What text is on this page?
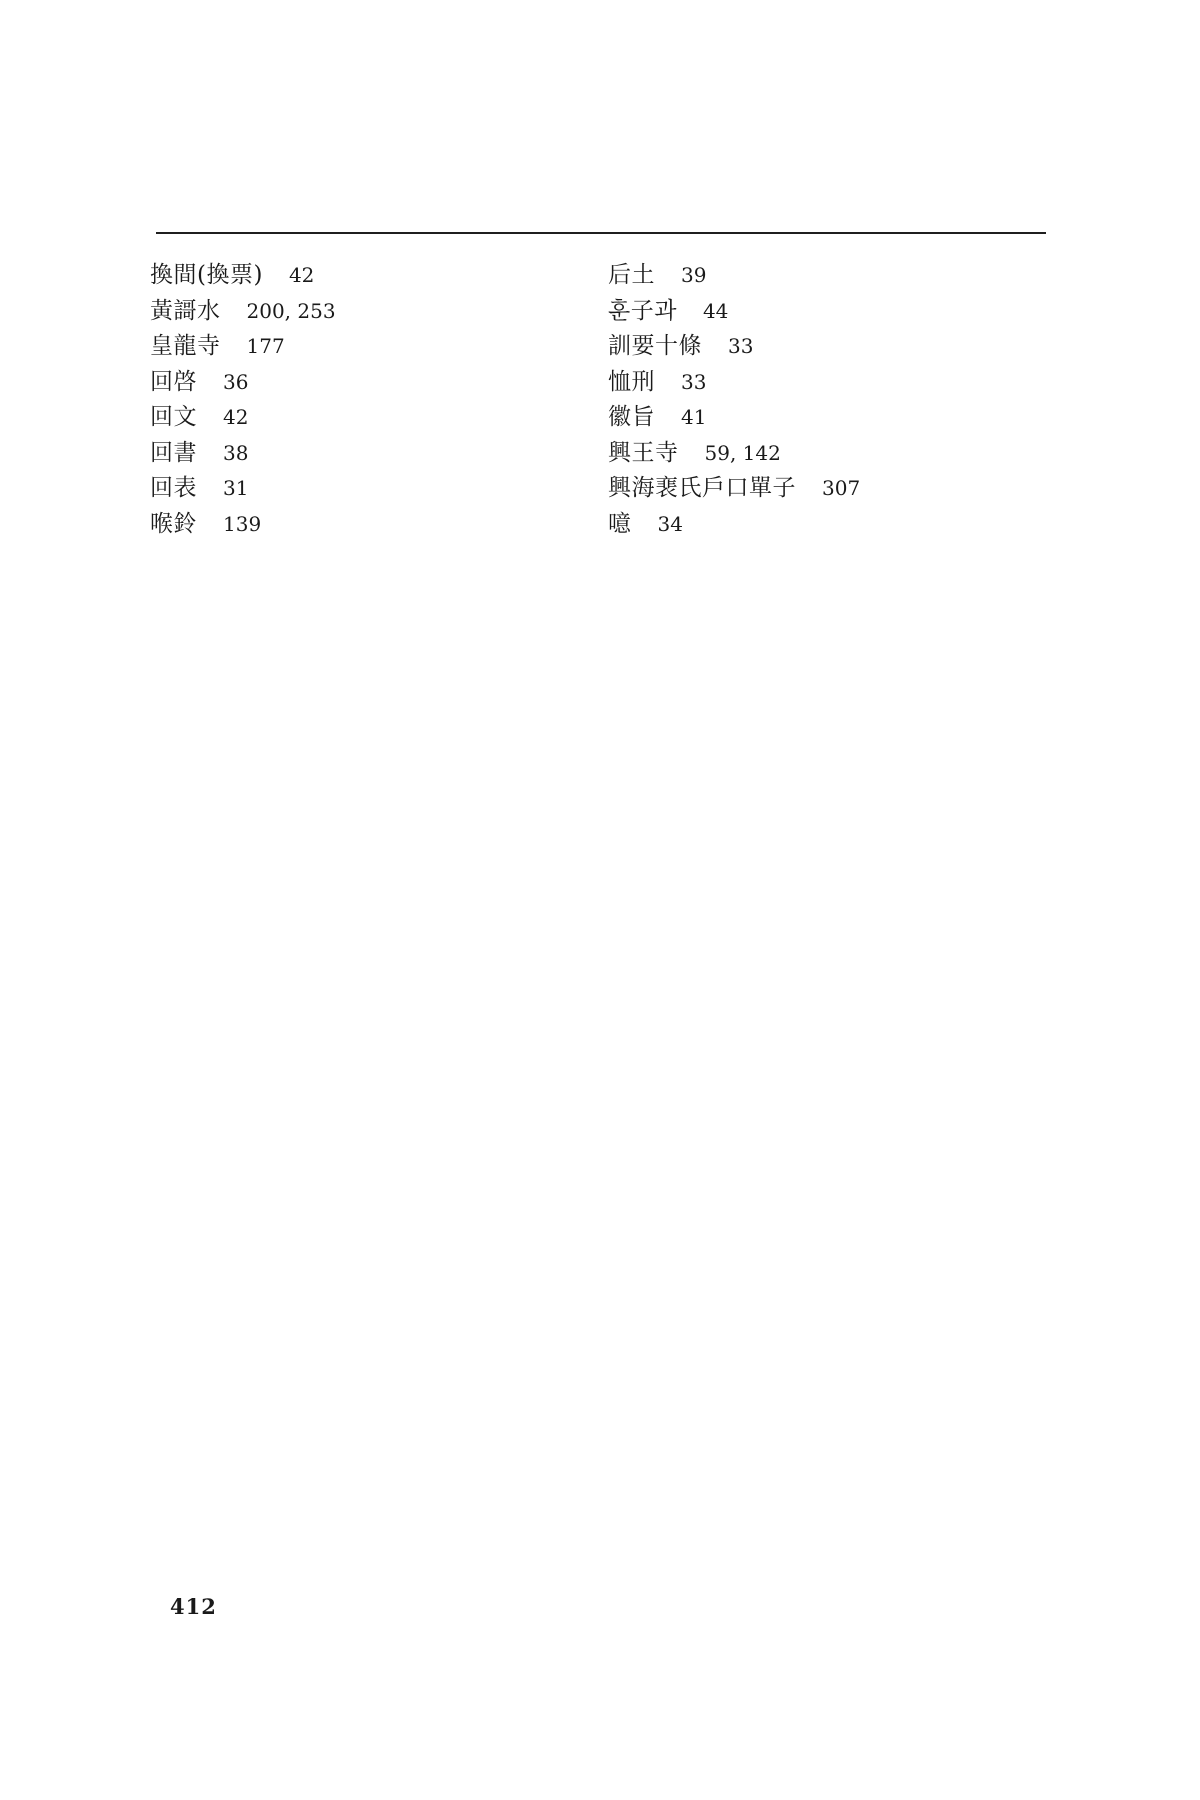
換間(換票) 42
黃謌水 200, 253
皇龍寺 177
回啓 36
回文 42
回書 38
回表 31
喉鈴 139
后土 39
훈子과 44
訓要十條 33
恤刑 33
徽旨 41
興王寺 59, 142
興海裵氏戶口單子 307
噫 34
412
